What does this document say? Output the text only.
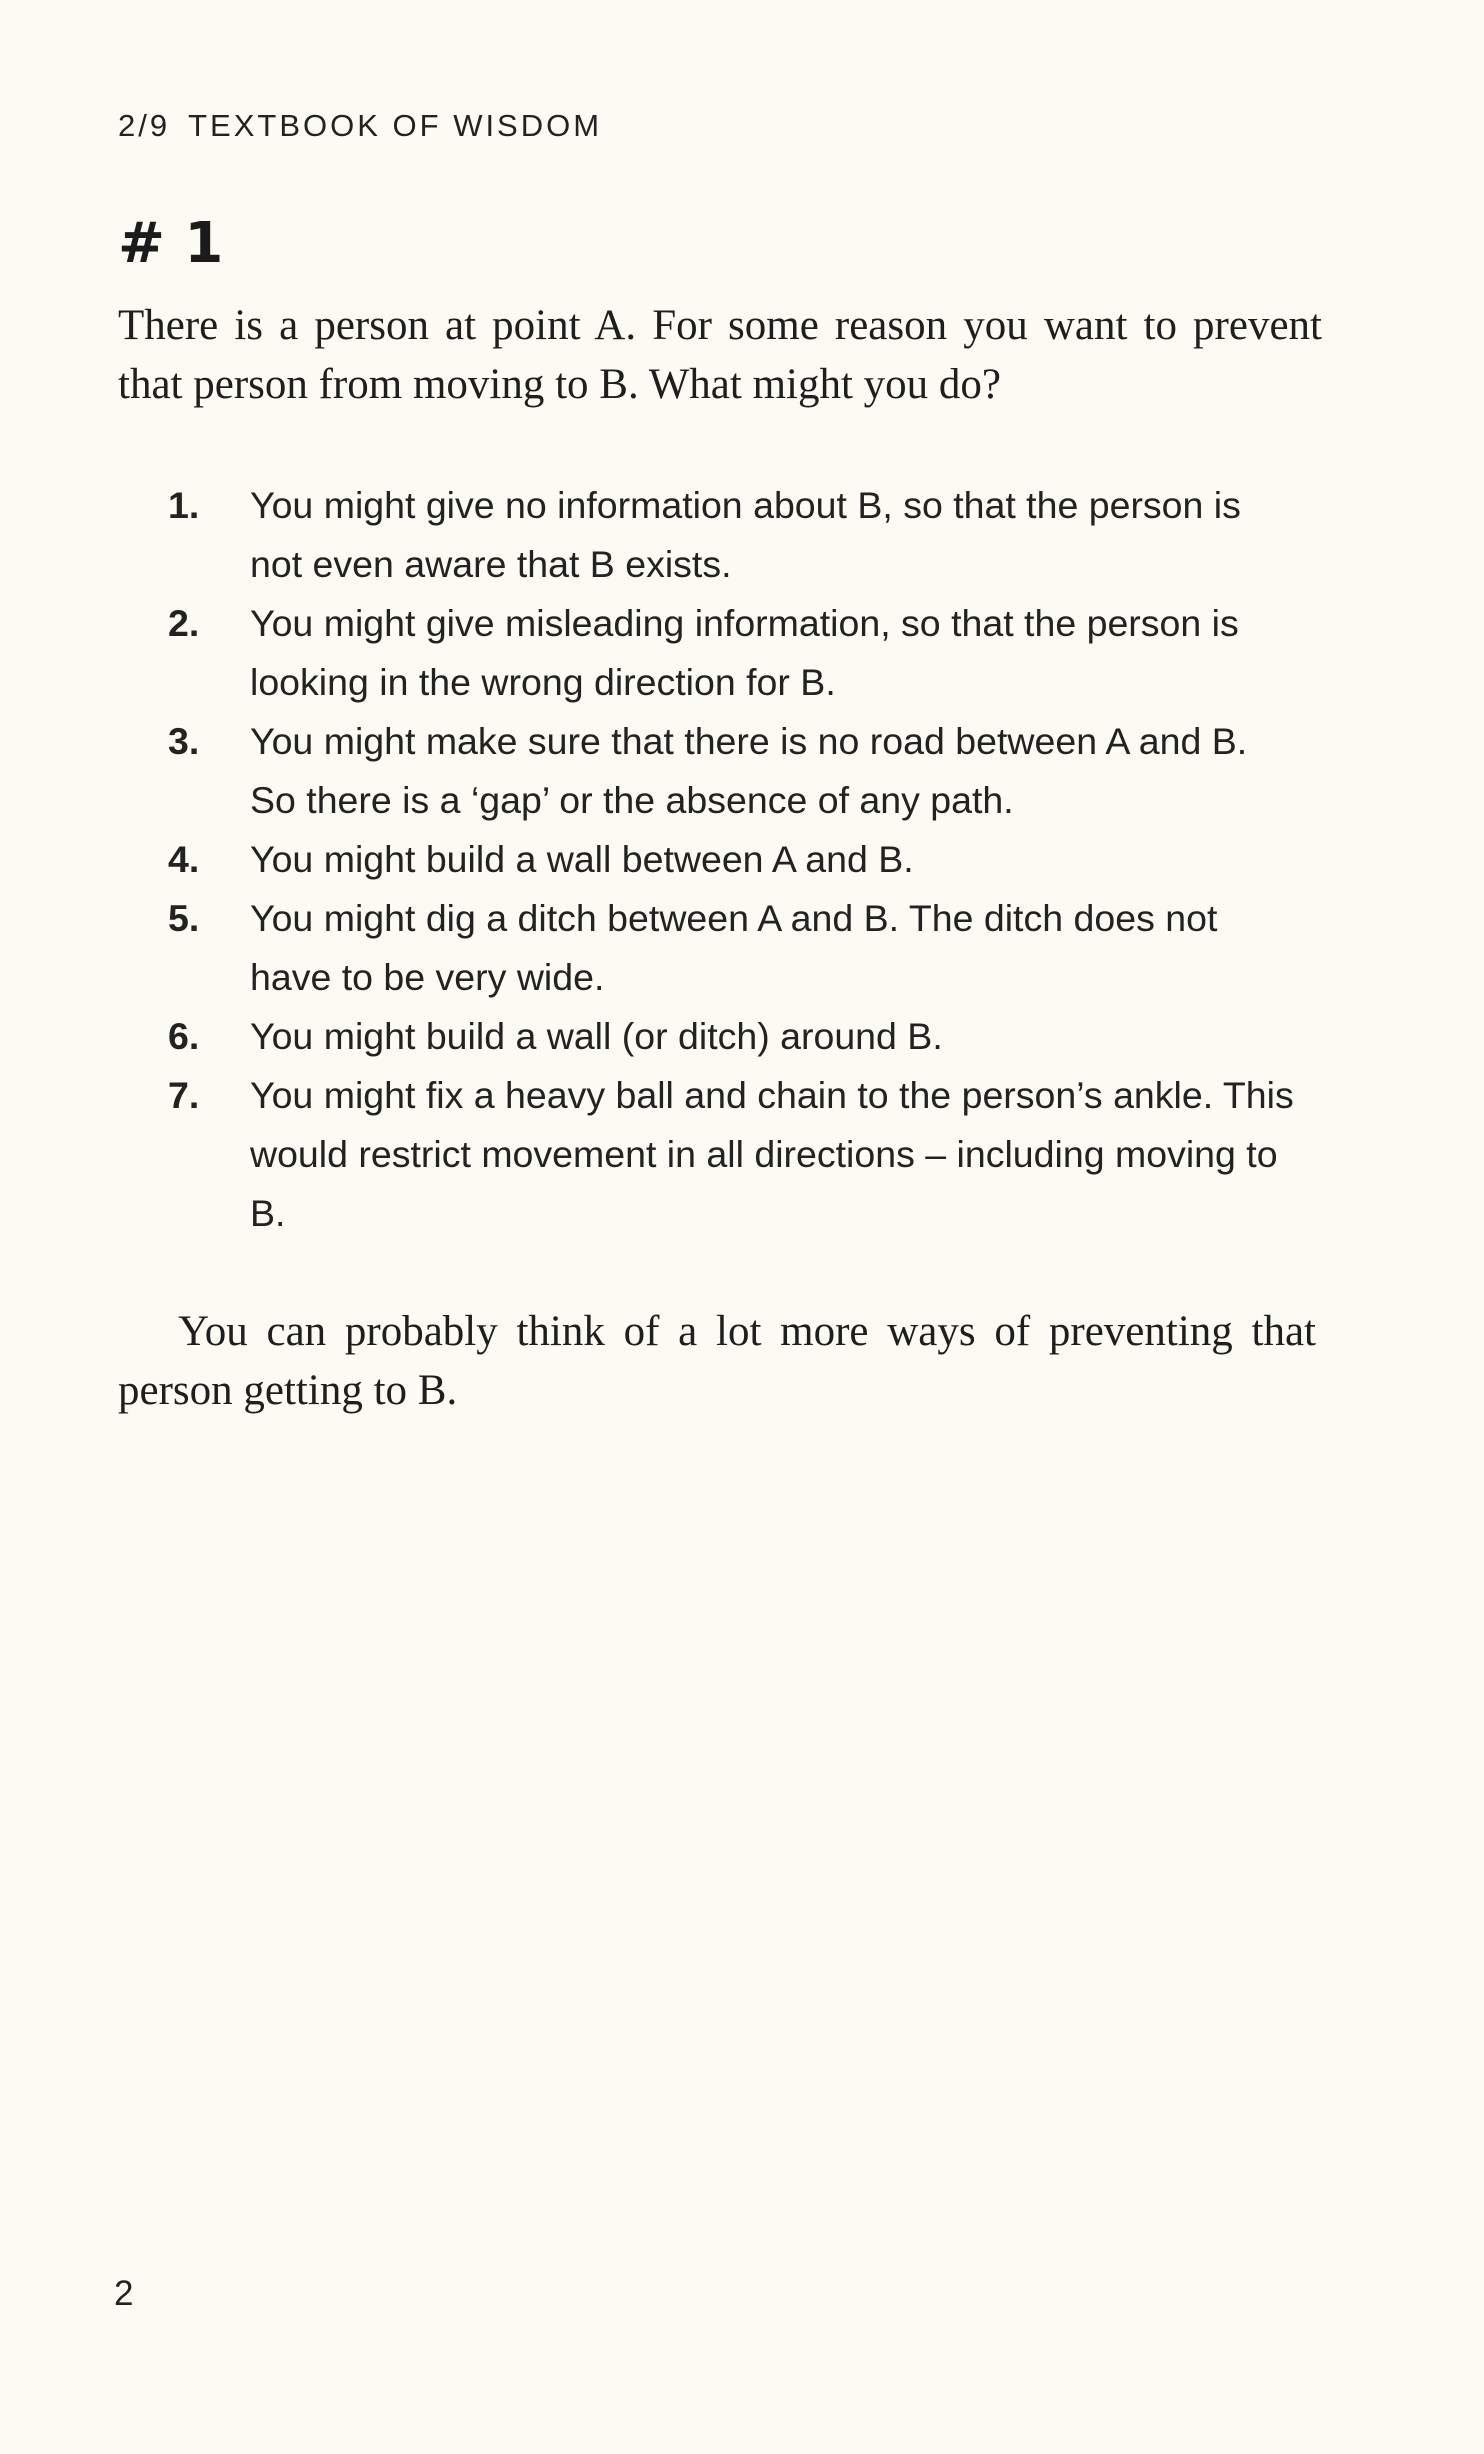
2/9 TEXTBOOK OF WISDOM
# 1

There is a person at point A. For some reason you want to prevent that person from moving to B. What might you do?

1.	You might give no information about B, so that the person is not even aware that B exists.
2.	You might give misleading information, so that the person is looking in the wrong direction for B.
3.	You might make sure that there is no road between A and B. So there is a ‘gap’ or the absence of any path.
4.	You might build a wall between A and B.
5.	You might dig a ditch between A and B. The ditch does not have to be very wide.
6.	You might build a wall (or ditch) around B.
7.	You might fix a heavy ball and chain to the person’s ankle. This would restrict movement in all directions – including moving to B.

You can probably think of a lot more ways of preventing that person getting to B.

2
